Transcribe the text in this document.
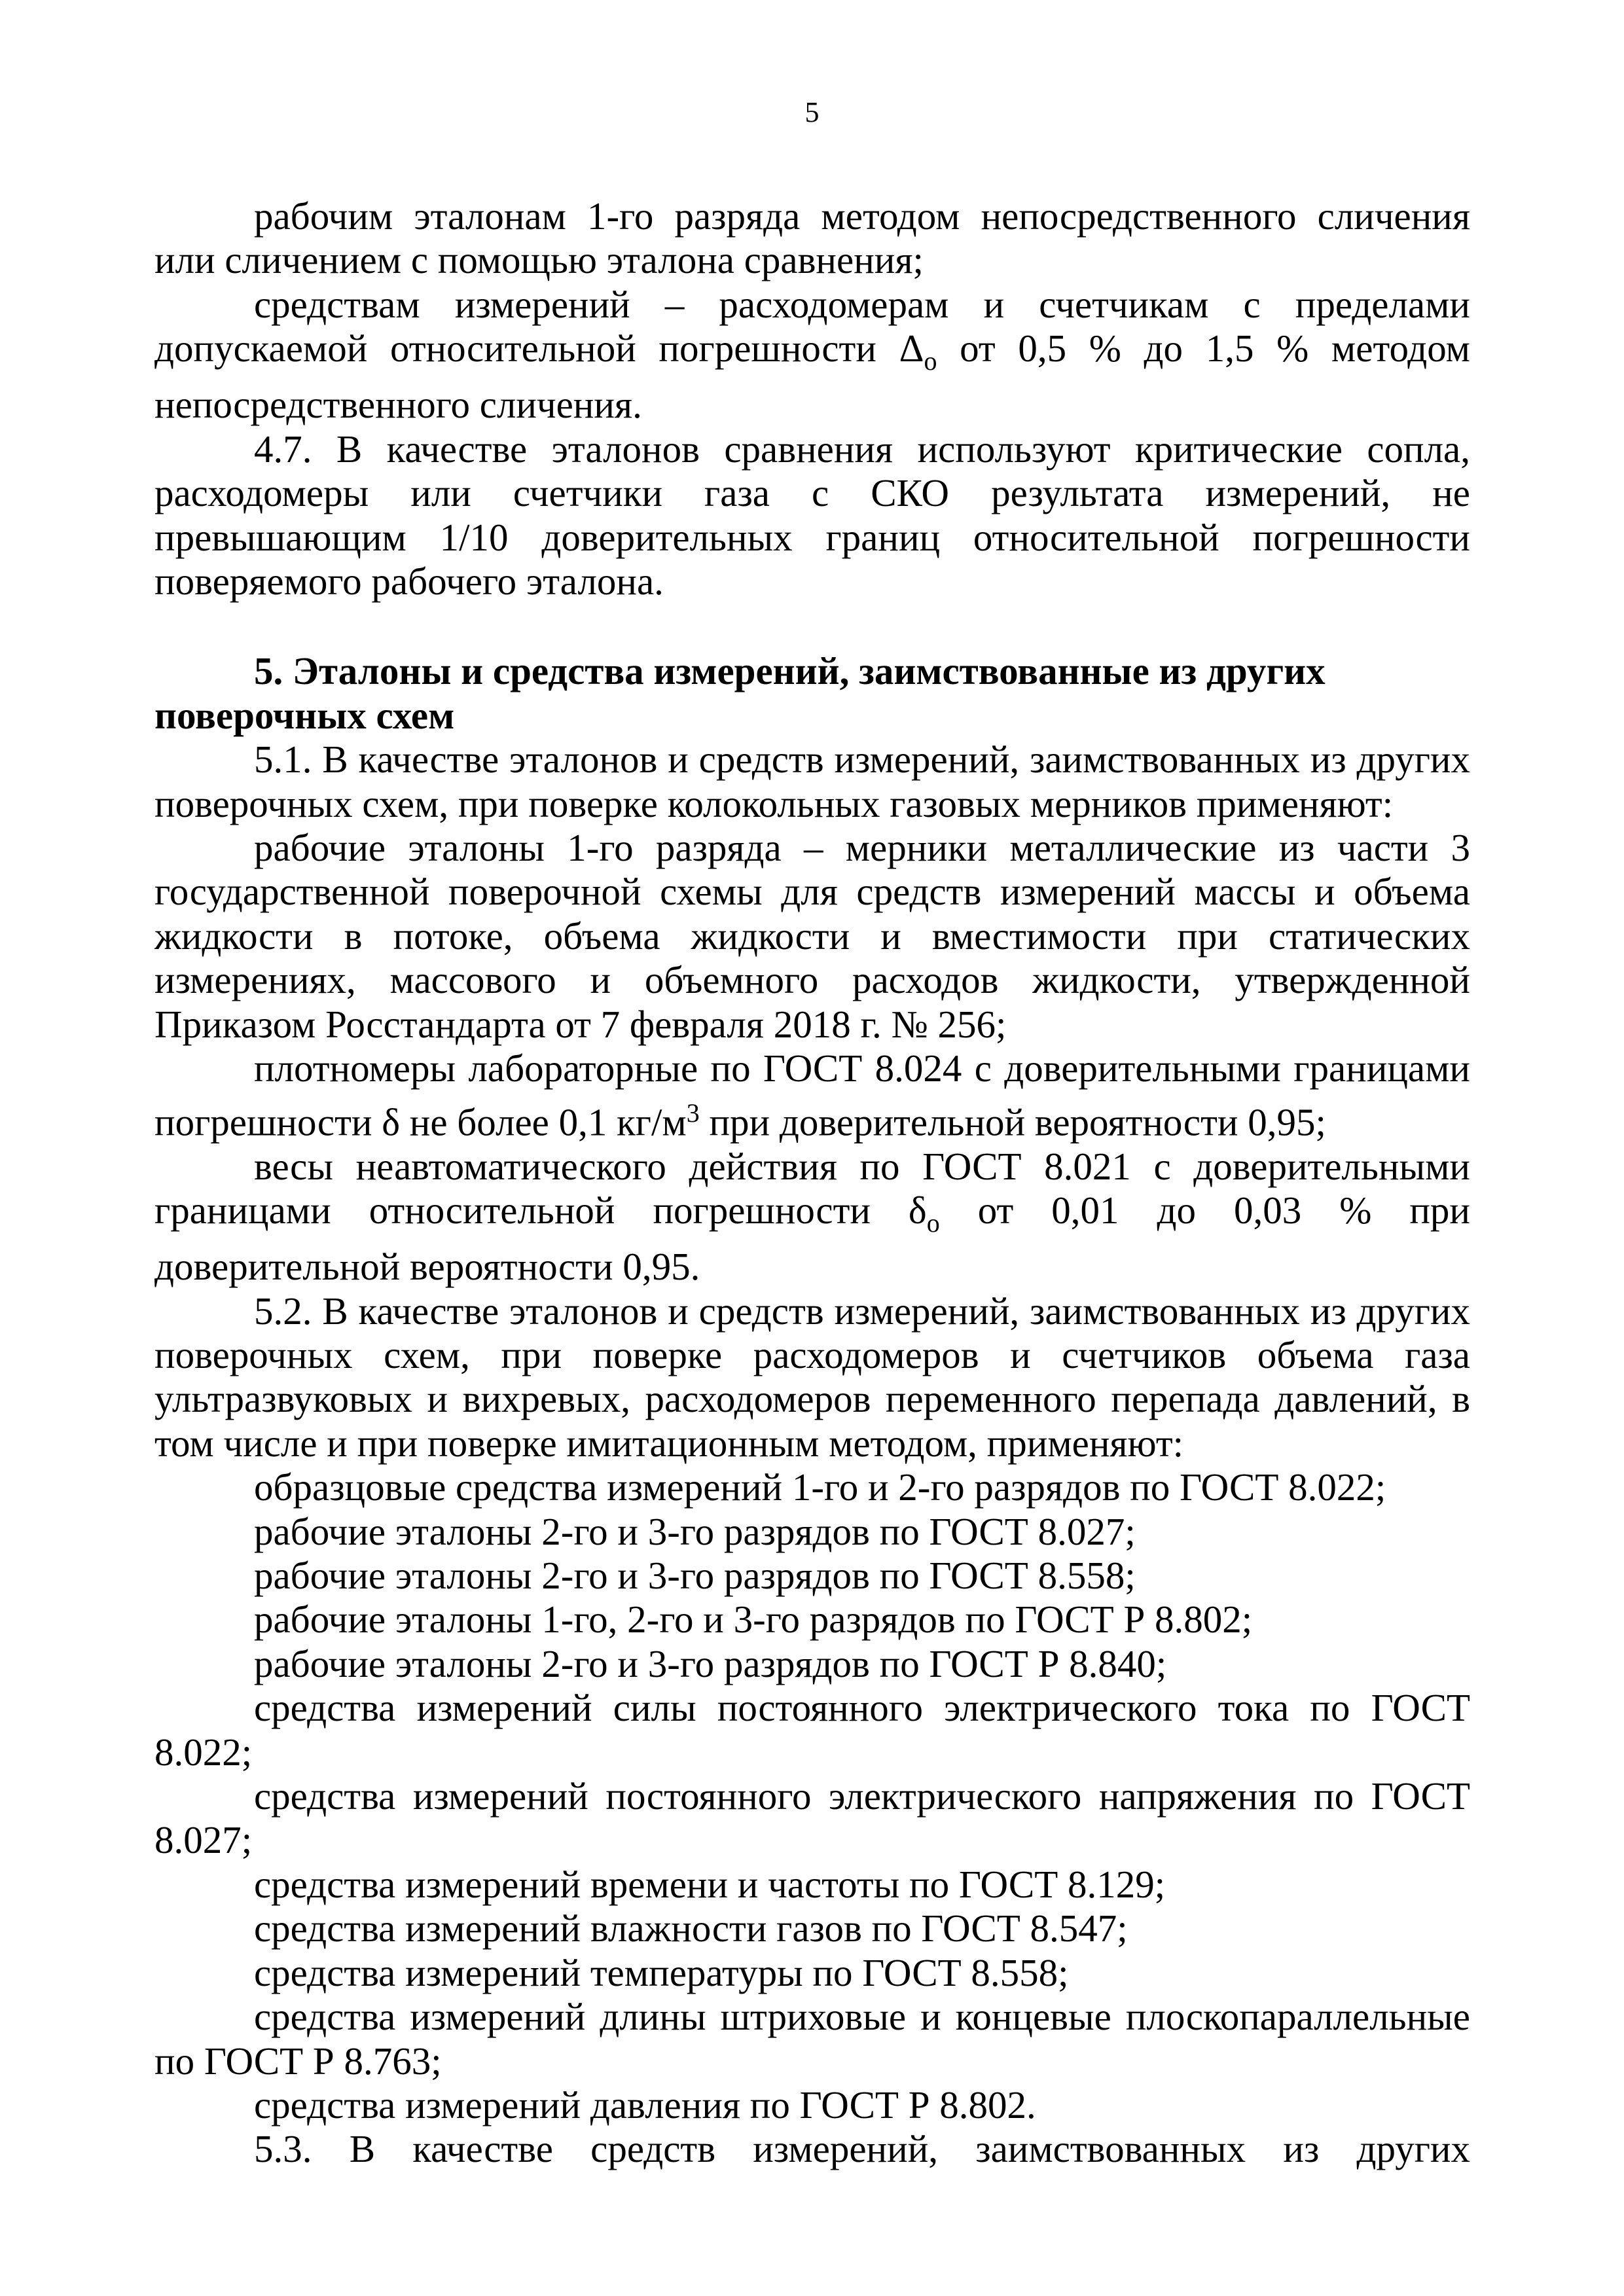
5

рабочим эталонам 1-го разряда методом непосредственного сличения или сличением с помощью эталона сравнения;

средствам измерений – расходомерам и счетчикам с пределами допускаемой относительной погрешности $\Delta_о$ от 0,5 % до 1,5 % методом непосредственного сличения.

4.7. В качестве эталонов сравнения используют критические сопла, расходомеры или счетчики газа с СКО результата измерений, не превышающим 1/10 доверительных границ относительной погрешности поверяемого рабочего эталона.

5. Эталоны и средства измерений, заимствованные из других
поверочных схем

5.1. В качестве эталонов и средств измерений, заимствованных из других поверочных схем, при поверке колокольных газовых мерников применяют:

рабочие эталоны 1-го разряда – мерники металлические из части 3 государственной поверочной схемы для средств измерений массы и объема жидкости в потоке, объема жидкости и вместимости при статических измерениях, массового и объемного расходов жидкости, утвержденной Приказом Росстандарта от 7 февраля 2018 г. № 256;

плотномеры лабораторные по ГОСТ 8.024 с доверительными границами погрешности δ не более 0,1 $кг/м^3$ при доверительной вероятности 0,95;

весы неавтоматического действия по ГОСТ 8.021 с доверительными границами относительной погрешности $\delta_о$ от 0,01 до 0,03 % при доверительной вероятности 0,95.

5.2. В качестве эталонов и средств измерений, заимствованных из других поверочных схем, при поверке расходомеров и счетчиков объема газа ультразвуковых и вихревых, расходомеров переменного перепада давлений, в том числе и при поверке имитационным методом, применяют:

образцовые средства измерений 1-го и 2-го разрядов по ГОСТ 8.022;

рабочие эталоны 2-го и 3-го разрядов по ГОСТ 8.027;

рабочие эталоны 2-го и 3-го разрядов по ГОСТ 8.558;

рабочие эталоны 1-го, 2-го и 3-го разрядов по ГОСТ Р 8.802;

рабочие эталоны 2-го и 3-го разрядов по ГОСТ Р 8.840;

средства измерений силы постоянного электрического тока по ГОСТ 8.022;

средства измерений постоянного электрического напряжения по ГОСТ 8.027;

средства измерений времени и частоты по ГОСТ 8.129;

средства измерений влажности газов по ГОСТ 8.547;

средства измерений температуры по ГОСТ 8.558;

средства измерений длины штриховые и концевые плоскопараллельные по ГОСТ Р 8.763;

средства измерений давления по ГОСТ Р 8.802.

5.3. В качестве средств измерений, заимствованных из других
